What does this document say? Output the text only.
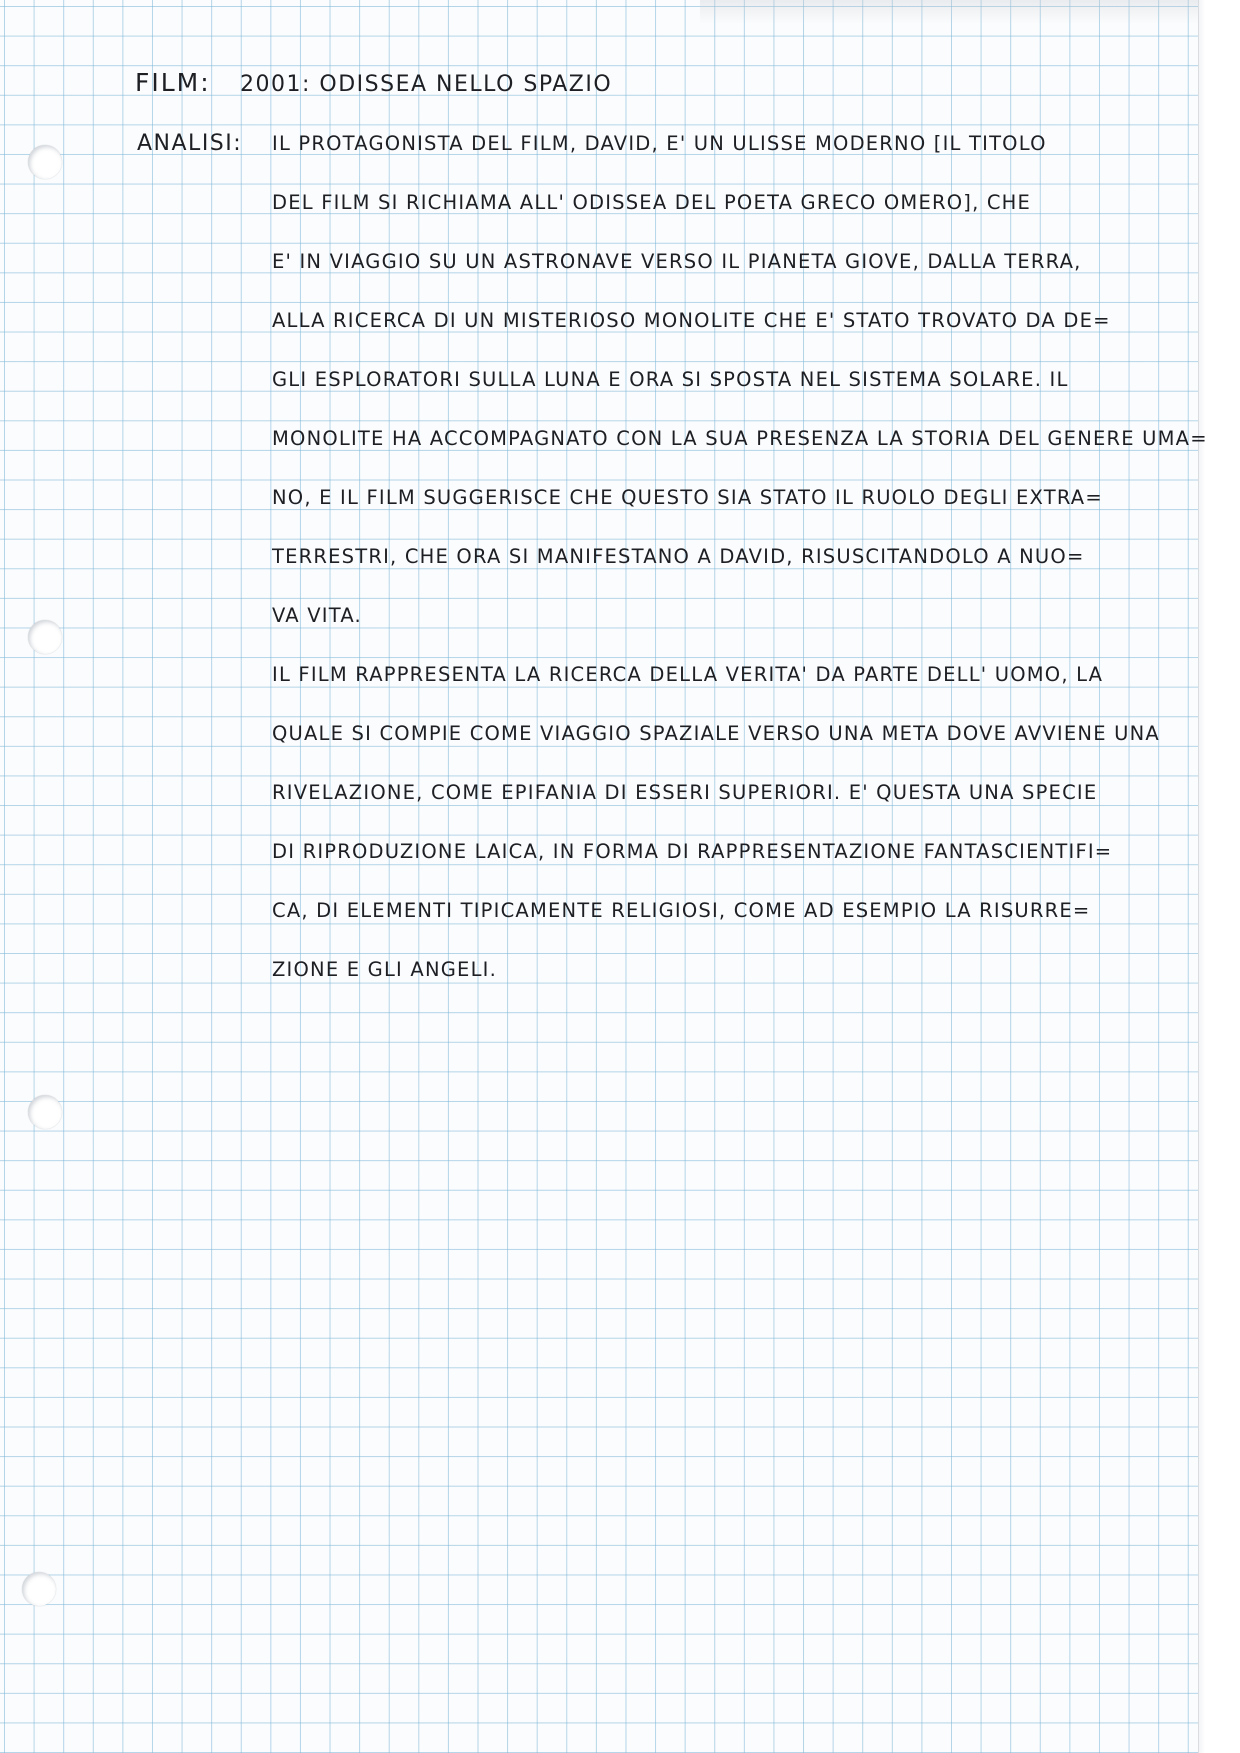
FILM: 2001: ODISSEA NELLO SPAZIO
ANALISI: IL PROTAGONISTA DEL FILM, DAVID, E' UN ULISSE MODERNO [IL TITOLO
DEL FILM SI RICHIAMA ALL' ODISSEA DEL POETA GRECO OMERO], CHE
E' IN VIAGGIO SU UN ASTRONAVE VERSO IL PIANETA GIOVE, DALLA TERRA,
ALLA RICERCA DI UN MISTERIOSO MONOLITE CHE E' STATO TROVATO DA DE=
GLI ESPLORATORI SULLA LUNA E ORA SI SPOSTA NEL SISTEMA SOLARE. IL
MONOLITE HA ACCOMPAGNATO CON LA SUA PRESENZA LA STORIA DEL GENERE UMA=
NO, E IL FILM SUGGERISCE CHE QUESTO SIA STATO IL RUOLO DEGLI EXTRA=
TERRESTRI, CHE ORA SI MANIFESTANO A DAVID, RISUSCITANDOLO A NUO=
VA VITA.
IL FILM RAPPRESENTA LA RICERCA DELLA VERITA' DA PARTE DELL' UOMO, LA
QUALE SI COMPIE COME VIAGGIO SPAZIALE VERSO UNA META DOVE AVVIENE UNA
RIVELAZIONE, COME EPIFANIA DI ESSERI SUPERIORI. E' QUESTA UNA SPECIE
DI RIPRODUZIONE LAICA, IN FORMA DI RAPPRESENTAZIONE FANTASCIENTIFI=
CA, DI ELEMENTI TIPICAMENTE RELIGIOSI, COME AD ESEMPIO LA RISURRE=
ZIONE E GLI ANGELI.
